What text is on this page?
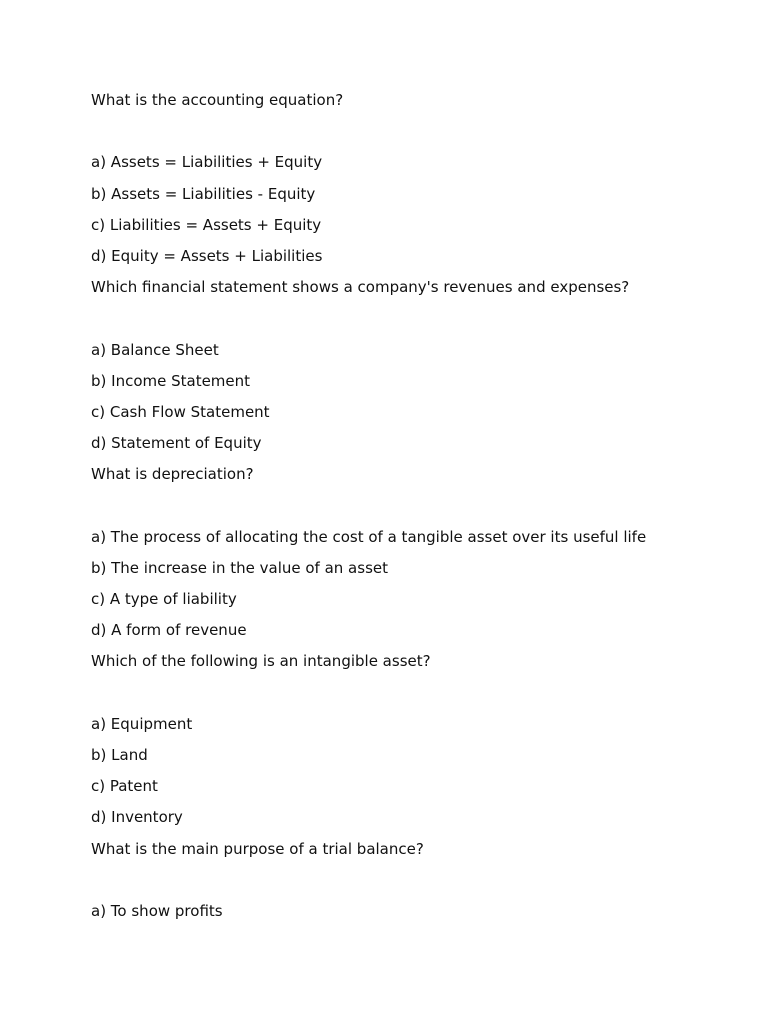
What is the accounting equation?
a) Assets = Liabilities + Equity
b) Assets = Liabilities - Equity
c) Liabilities = Assets + Equity
d) Equity = Assets + Liabilities
Which financial statement shows a company's revenues and expenses?
a) Balance Sheet
b) Income Statement
c) Cash Flow Statement
d) Statement of Equity
What is depreciation?
a) The process of allocating the cost of a tangible asset over its useful life
b) The increase in the value of an asset
c) A type of liability
d) A form of revenue
Which of the following is an intangible asset?
a) Equipment
b) Land
c) Patent
d) Inventory
What is the main purpose of a trial balance?
a) To show profits
